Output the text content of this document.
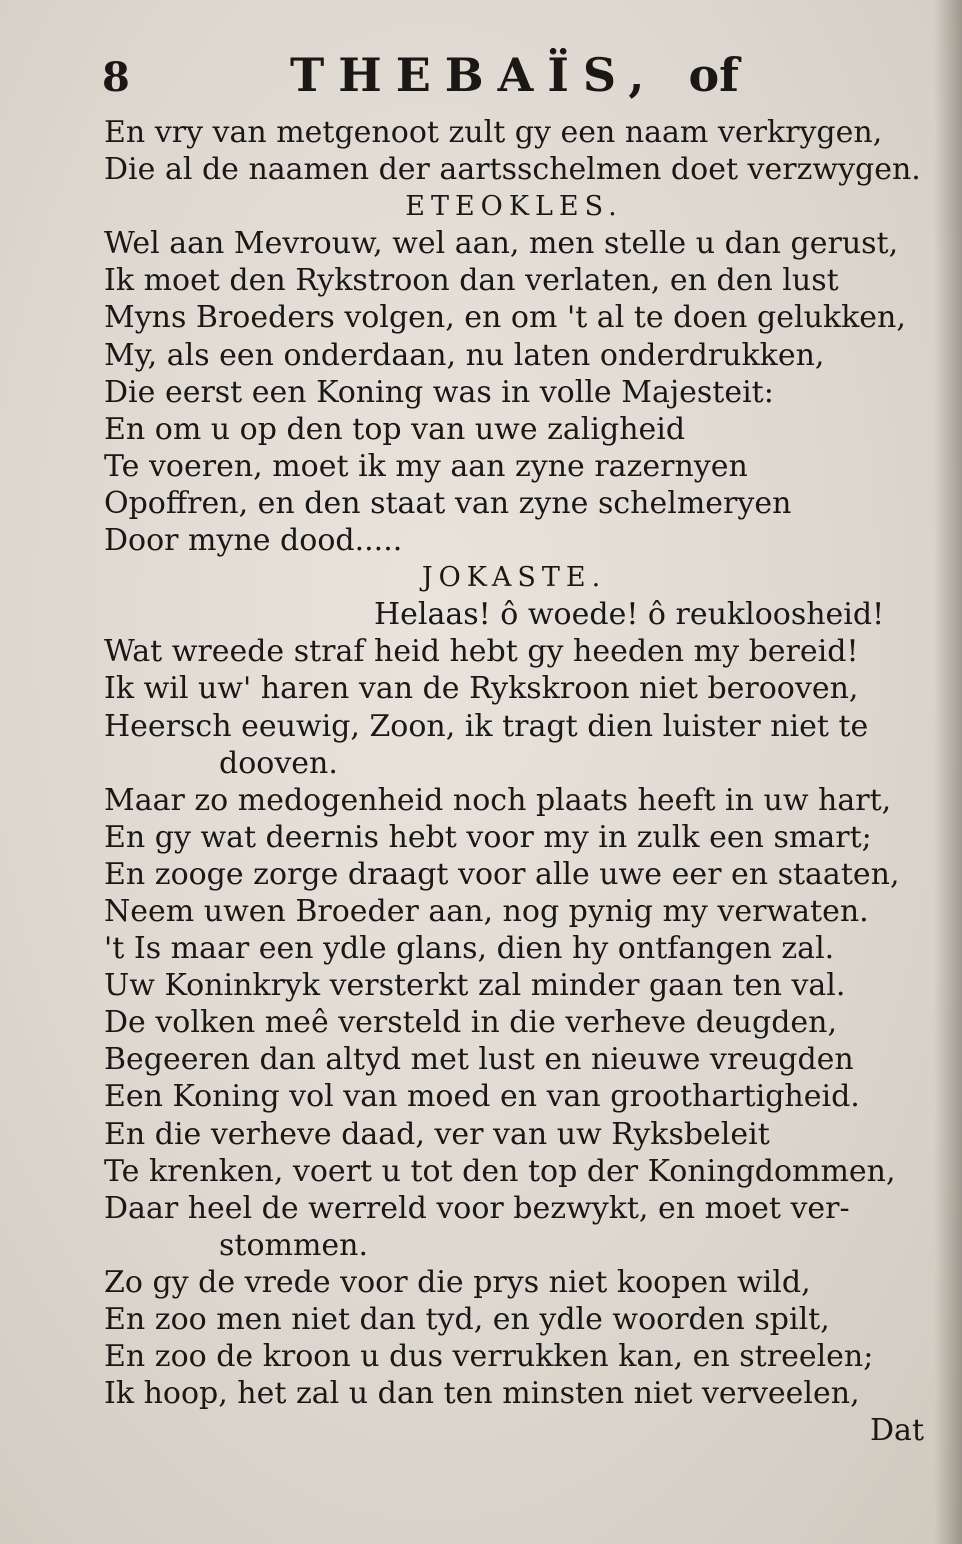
8	THEBAÏS, of
En vry van metgenoot zult gy een naam verkrygen,
Die al de naamen der aartsschelmen doet verzwygen.
ETEOKLES.
Wel aan Mevrouw, wel aan, men stelle u dan gerust,
Ik moet den Rykstroon dan verlaten, en den lust
Myns Broeders volgen, en om 't al te doen gelukken,
My, als een onderdaan, nu laten onderdrukken,
Die eerst een Koning was in volle Majesteit:
En om u op den top van uwe zaligheid
Te voeren, moet ik my aan zyne razernyen
Opoffren, en den staat van zyne schelmeryen
Door myne dood.....
JOKASTE.
Helaas! ô woede! ô reukloosheid!
Wat wreede straf heid hebt gy heeden my bereid!
Ik wil uw' haren van de Rykskroon niet berooven,
Heersch eeuwig, Zoon, ik tragt dien luister niet te
dooven.
Maar zo medogenheid noch plaats heeft in uw hart,
En gy wat deernis hebt voor my in zulk een smart;
En zooge zorge draagt voor alle uwe eer en staaten,
Neem uwen Broeder aan, nog pynig my verwaten.
't Is maar een ydle glans, dien hy ontfangen zal.
Uw Koninkryk versterkt zal minder gaan ten val.
De volken meê versteld in die verheve deugden,
Begeeren dan altyd met lust en nieuwe vreugden
Een Koning vol van moed en van groothartigheid.
En die verheve daad, ver van uw Ryksbeleit
Te krenken, voert u tot den top der Koningdommen,
Daar heel de werreld voor bezwykt, en moet ver-
stommen.
Zo gy de vrede voor die prys niet koopen wild,
En zoo men niet dan tyd, en ydle woorden spilt,
En zoo de kroon u dus verrukken kan, en streelen;
Ik hoop, het zal u dan ten minsten niet verveelen,
Dat
